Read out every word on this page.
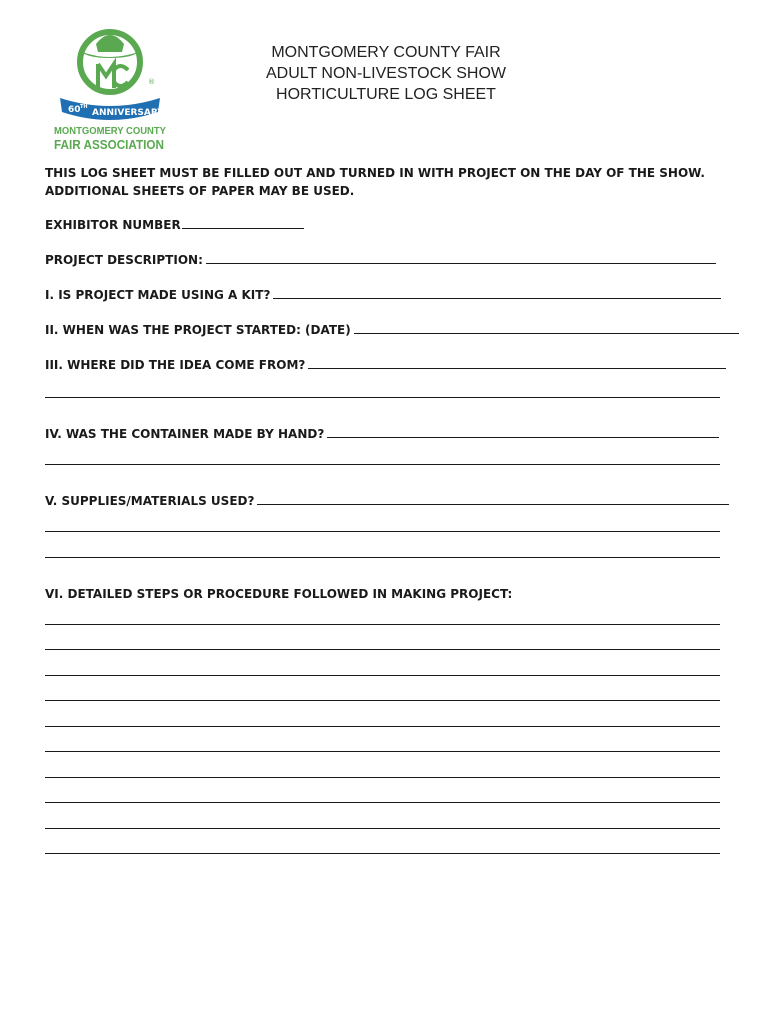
®
60 TH
ANNIVERSARY
MONTGOMERY COUNTY
FAIR ASSOCIATION
MONTGOMERY COUNTY FAIR
ADULT NON-LIVESTOCK SHOW
HORTICULTURE LOG SHEET
THIS LOG SHEET MUST BE FILLED OUT AND TURNED IN WITH PROJECT ON THE DAY OF THE SHOW.
ADDITIONAL SHEETS OF PAPER MAY BE USED.
EXHIBITOR NUMBER
PROJECT DESCRIPTION:
I. IS PROJECT MADE USING A KIT?
II. WHEN WAS THE PROJECT STARTED: (DATE)
III. WHERE DID THE IDEA COME FROM?
IV. WAS THE CONTAINER MADE BY HAND?
V. SUPPLIES/MATERIALS USED?
VI. DETAILED STEPS OR PROCEDURE FOLLOWED IN MAKING PROJECT:
